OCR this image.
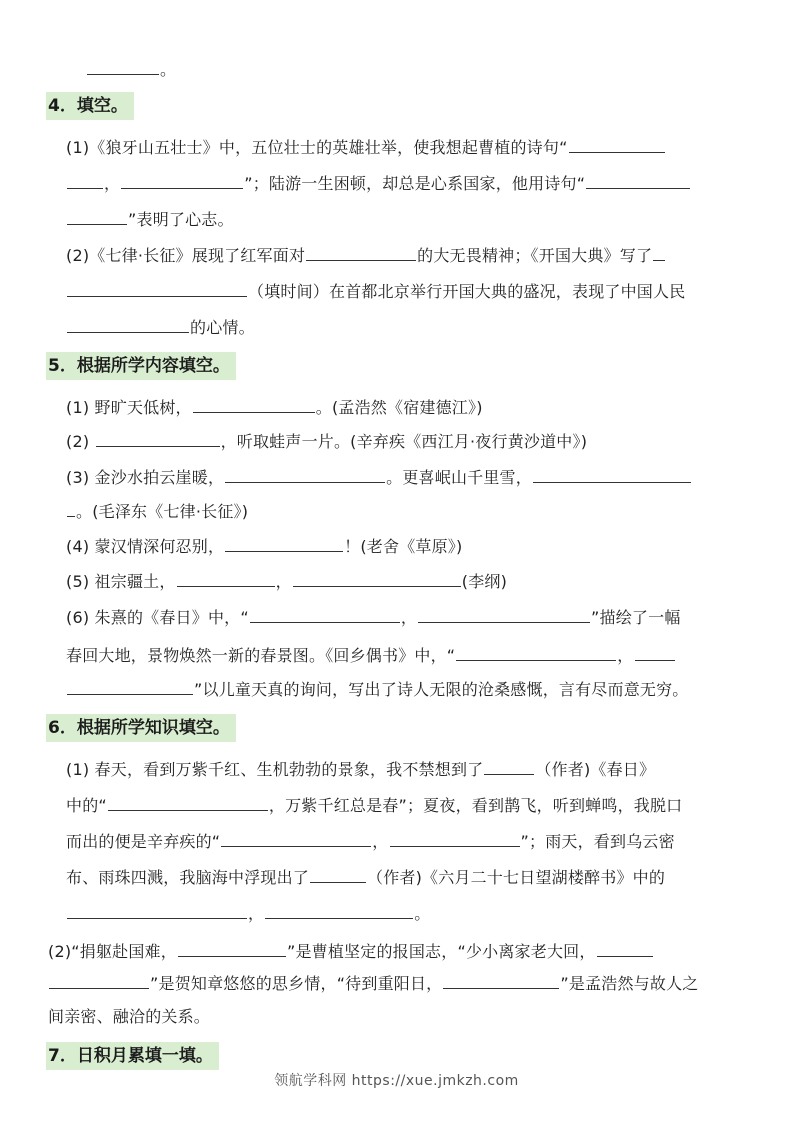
。
4．填空。
(1)《狼牙山五壮士》中，五位壮士的英雄壮举，使我想起曹植的诗句“
，	”；陆游一生困顿，却总是心系国家，他用诗句“
”表明了心志。
(2)《七律·长征》展现了红军面对	的大无畏精神；《开国大典》写了
（填时间）在首都北京举行开国大典的盛况，表现了中国人民
的心情。
5．根据所学内容填空。
(1) 野旷天低树，	。(孟浩然《宿建德江》)
(2)	，听取蛙声一片。(辛弃疾《西江月·夜行黄沙道中》)
(3) 金沙水拍云崖暖，	。更喜岷山千里雪，
。(毛泽东《七律·长征》)
(4) 蒙汉情深何忍别，	！(老舍《草原》)
(5) 祖宗疆土，	，	(李纲)
(6) 朱熹的《春日》中，“	，	”描绘了一幅
春回大地，景物焕然一新的春景图。《回乡偶书》中，“	，
”以儿童天真的询问，写出了诗人无限的沧桑感慨，言有尽而意无穷。
6．根据所学知识填空。
(1) 春天，看到万紫千红、生机勃勃的景象，我不禁想到了	（作者)《春日》
中的“	，万紫千红总是春”；夏夜，看到鹊飞，听到蝉鸣，我脱口
而出的便是辛弃疾的“	，	”；雨天，看到乌云密
布、雨珠四溅，我脑海中浮现出了	（作者)《六月二十七日望湖楼醉书》中的
，	。
(2)“捐躯赴国难，	”是曹植坚定的报国志，“少小离家老大回，
”是贺知章悠悠的思乡情，“待到重阳日，	”是孟浩然与故人之
间亲密、融洽的关系。
7．日积月累填一填。
领航学科网 https://xue.jmkzh.com
